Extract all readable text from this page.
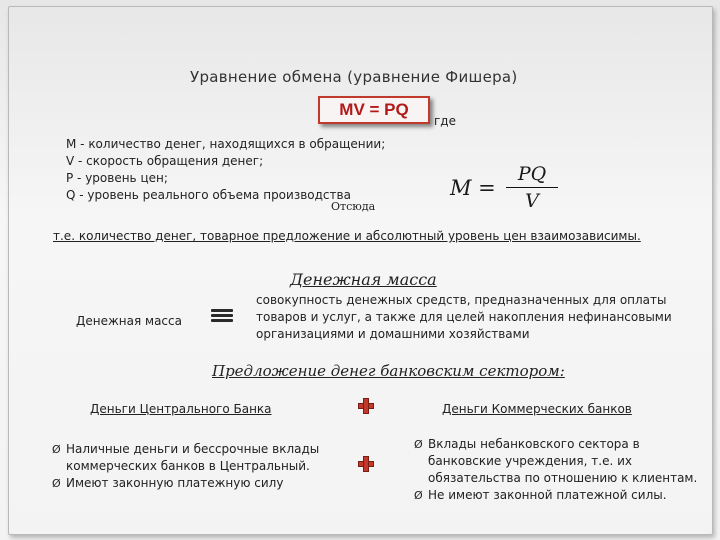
Уравнение обмена (уравнение Фишера)
MV = PQ
где
M - количество денег, находящихся в обращении;
V - скорость обращения денег;
P - уровень цен;
Q - уровень реального объема производства
Отсюда
M =
PQ
V
т.е. количество денег, товарное предложение и абсолютный уровень цен взаимозависимы.
Денежная масса
Денежная масса
совокупность денежных средств, предназначенных для оплаты
товаров и услуг, а также для целей накопления нефинансовыми
организациями и домашними хозяйствами
Предложение денег банковским сектором:
Деньги Центрального Банка	Деньги Коммерческих банков
Ø Наличные деньги и бессрочные вклады
коммерческих банков в Центральный.
Ø Имеют законную платежную силу
Ø Вклады небанковского сектора в
банковские учреждения, т.е. их
обязательства по отношению к клиентам.
Ø Не имеют законной платежной силы.
